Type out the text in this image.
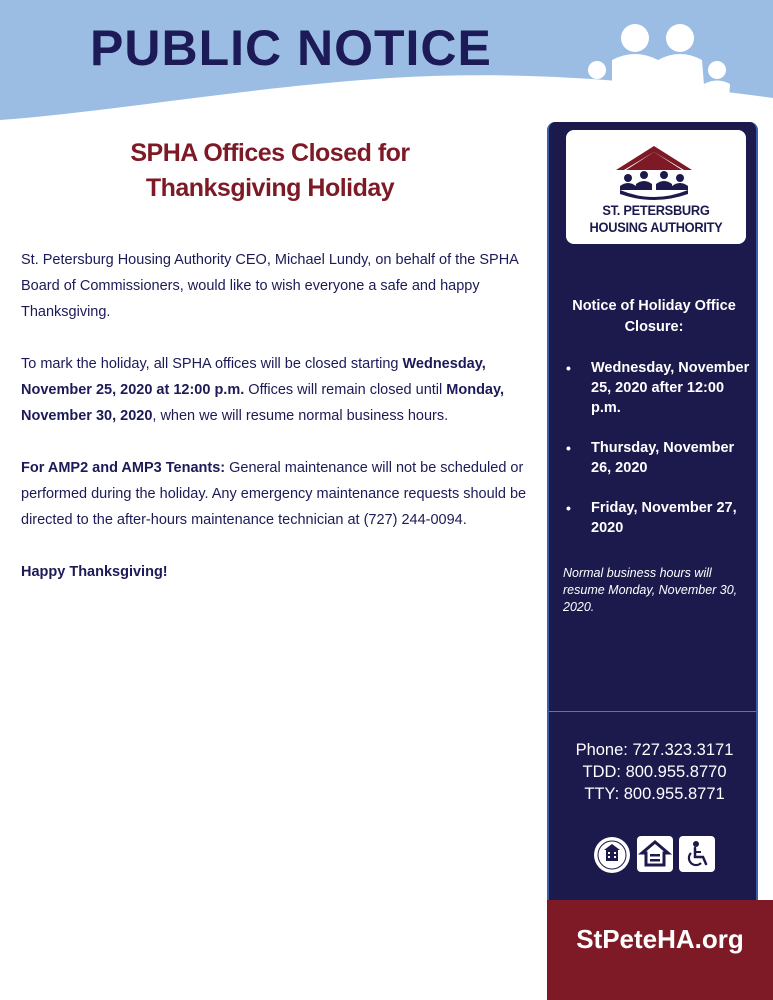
PUBLIC NOTICE
SPHA Offices Closed for
Thanksgiving Holiday

St. Petersburg Housing Authority CEO, Michael Lundy, on behalf of the SPHA Board of Commissioners, would like to wish everyone a safe and happy Thanksgiving.

To mark the holiday, all SPHA offices will be closed starting Wednesday, November 25, 2020 at 12:00 p.m. Offices will remain closed until Monday, November 30, 2020, when we will resume normal business hours.

For AMP2 and AMP3 Tenants: General maintenance will not be scheduled or performed during the holiday. Any emergency maintenance requests should be directed to the after-hours maintenance technician at (727) 244-0094.

Happy Thanksgiving!

ST. PETERSBURG
HOUSING AUTHORITY
Notice of Holiday Office Closure:
• Wednesday, November 25, 2020 after 12:00 p.m.
• Thursday, November 26, 2020
• Friday, November 27, 2020

Normal business hours will resume Monday, November 30, 2020.

Phone: 727.323.3171
TDD: 800.955.8770
TTY: 800.955.8771
StPeteHA.org
